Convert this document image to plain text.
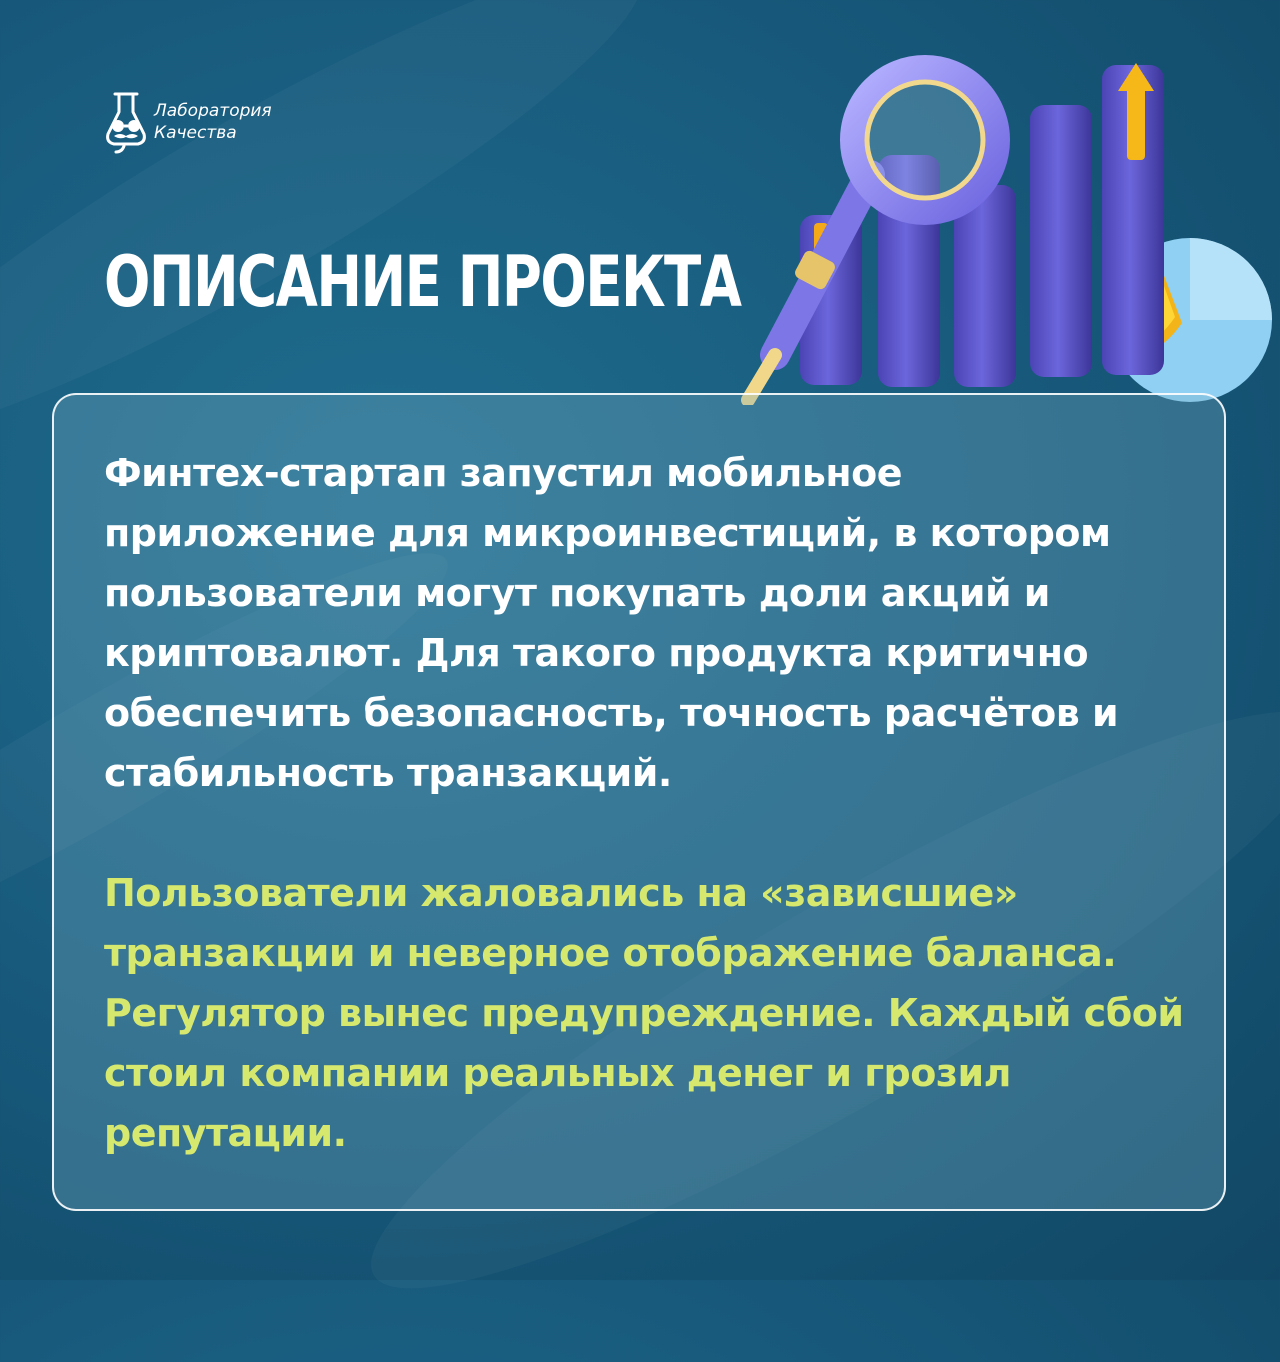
Лаборатория
Качества
ОПИСАНИЕ ПРОЕКТА

Финтех-стартап запустил мобильное приложение для микроинвестиций, в котором пользователи могут покупать доли акций и криптовалют. Для такого продукта критично обеспечить безопасность, точность расчётов и стабильность транзакций.

Пользователи жаловались на «зависшие» транзакции и неверное отображение баланса. Регулятор вынес предупреждение. Каждый сбой стоил компании реальных денег и грозил репутации.
